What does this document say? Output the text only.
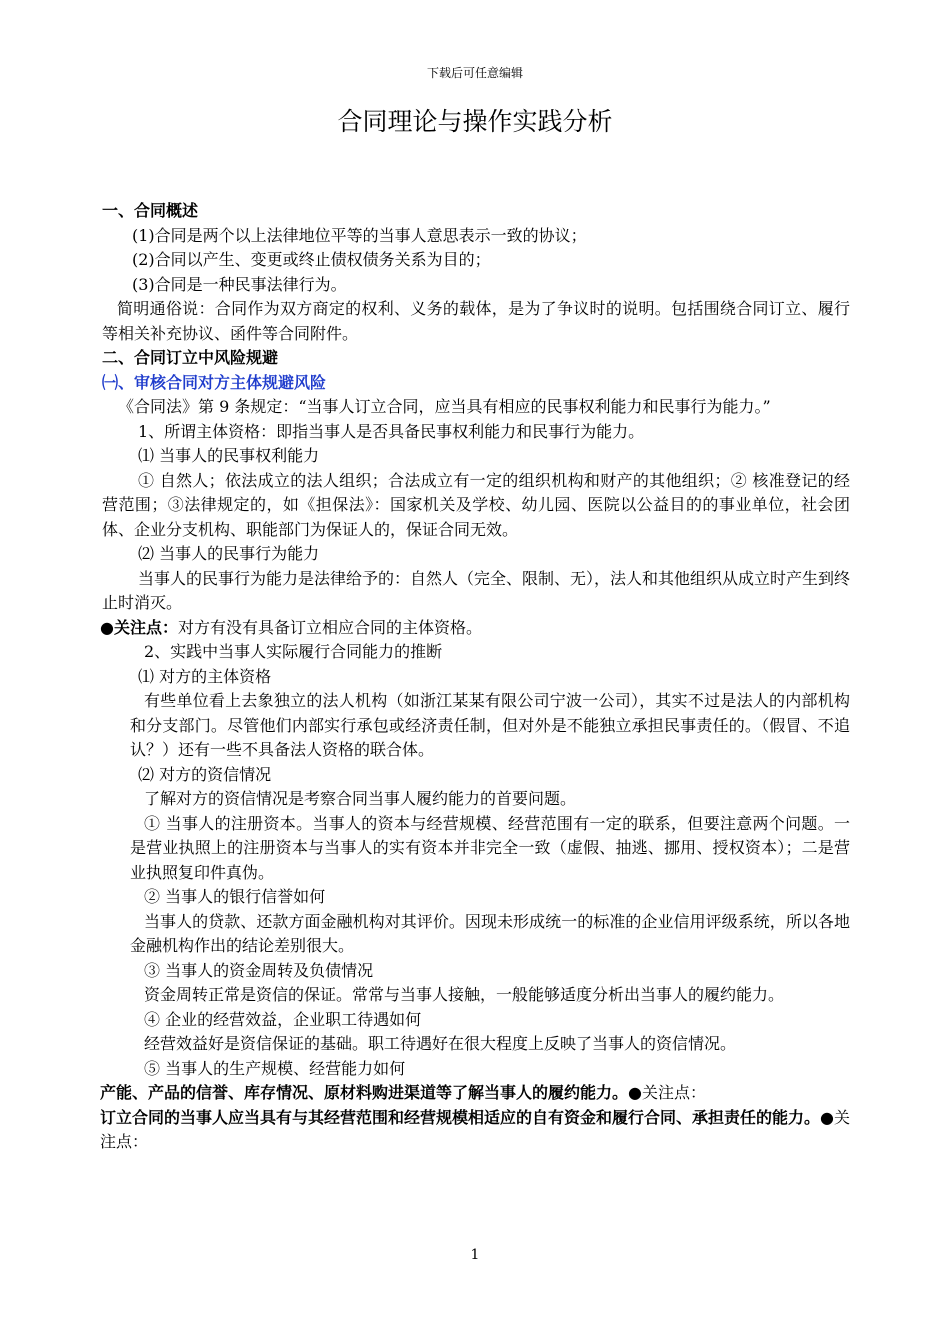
下载后可任意编辑
合同理论与操作实践分析

一、合同概述

(1)合同是两个以上法律地位平等的当事人意思表示一致的协议；

(2)合同以产生、变更或终止债权债务关系为目的；

(3)合同是一种民事法律行为。

简明通俗说：合同作为双方商定的权利、义务的载体，是为了争议时的说明。包括围绕合同订立、履行等相关补充协议、函件等合同附件。

二、合同订立中风险规避

㈠、审核合同对方主体规避风险

《合同法》第 9 条规定：“当事人订立合同，应当具有相应的民事权利能力和民事行为能力。”

1、所谓主体资格：即指当事人是否具备民事权利能力和民事行为能力。

⑴ 当事人的民事权利能力

① 自然人；依法成立的法人组织；合法成立有一定的组织机构和财产的其他组织；② 核准登记的经营范围；③法律规定的，如《担保法》：国家机关及学校、幼儿园、医院以公益目的的事业单位，社会团体、企业分支机构、职能部门为保证人的，保证合同无效。

⑵ 当事人的民事行为能力

当事人的民事行为能力是法律给予的：自然人（完全、限制、无），法人和其他组织从成立时产生到终止时消灭。

●关注点：对方有没有具备订立相应合同的主体资格。

2、实践中当事人实际履行合同能力的推断

⑴ 对方的主体资格

有些单位看上去象独立的法人机构（如浙江某某有限公司宁波一公司），其实不过是法人的内部机构和分支部门。尽管他们内部实行承包或经济责任制，但对外是不能独立承担民事责任的。（假冒、不追认？）还有一些不具备法人资格的联合体。

⑵ 对方的资信情况

了解对方的资信情况是考察合同当事人履约能力的首要问题。

① 当事人的注册资本。当事人的资本与经营规模、经营范围有一定的联系，但要注意两个问题。一是营业执照上的注册资本与当事人的实有资本并非完全一致（虚假、抽逃、挪用、授权资本）；二是营业执照复印件真伪。

② 当事人的银行信誉如何

当事人的贷款、还款方面金融机构对其评价。因现未形成统一的标准的企业信用评级系统，所以各地金融机构作出的结论差别很大。

③ 当事人的资金周转及负债情况

资金周转正常是资信的保证。常常与当事人接触，一般能够适度分析出当事人的履约能力。

④ 企业的经营效益，企业职工待遇如何

经营效益好是资信保证的基础。职工待遇好在很大程度上反映了当事人的资信情况。

⑤ 当事人的生产规模、经营能力如何

产能、产品的信誉、库存情况、原材料购进渠道等了解当事人的履约能力。●关注点：

订立合同的当事人应当具有与其经营范围和经营规模相适应的自有资金和履行合同、承担责任的能力。●关注点：

1
